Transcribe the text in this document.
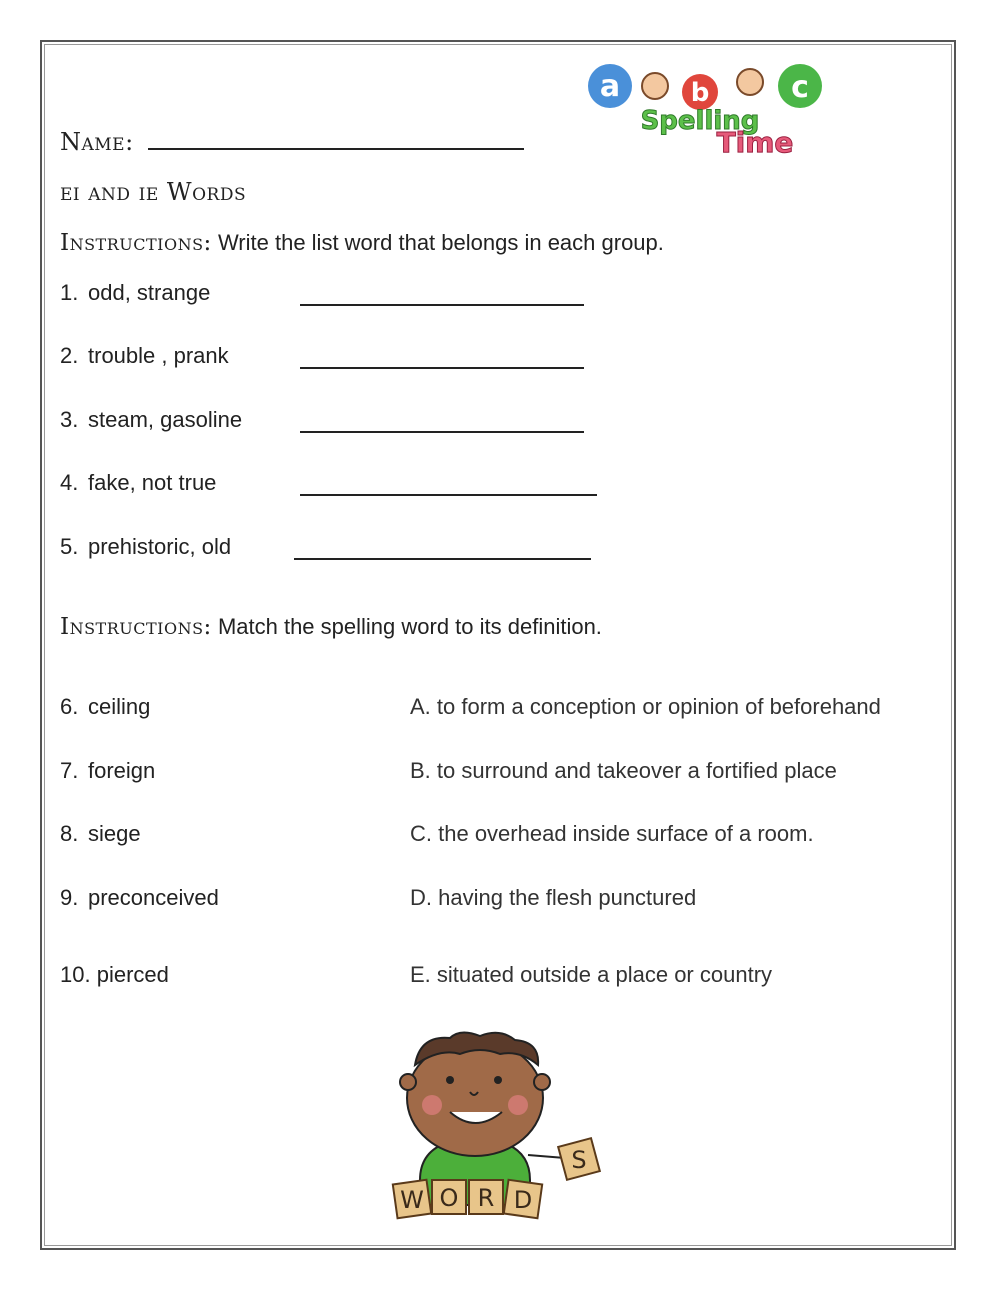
Name:
ei and ie Words
a	b	c
Spelling
Time
Instructions: Write the list word that belongs in each group.
1. odd, strange
2. trouble , prank
3. steam, gasoline
4. fake, not true
5. prehistoric, old
Instructions: Match the spelling word to its definition.
6. ceiling
7. foreign
8. siege
9. preconceived
10. pierced
A. to form a conception or opinion of beforehand
B. to surround and takeover a fortified place
C. the overhead inside surface of a room.
D. having the flesh punctured
E. situated outside a place or country
W O R D
S
